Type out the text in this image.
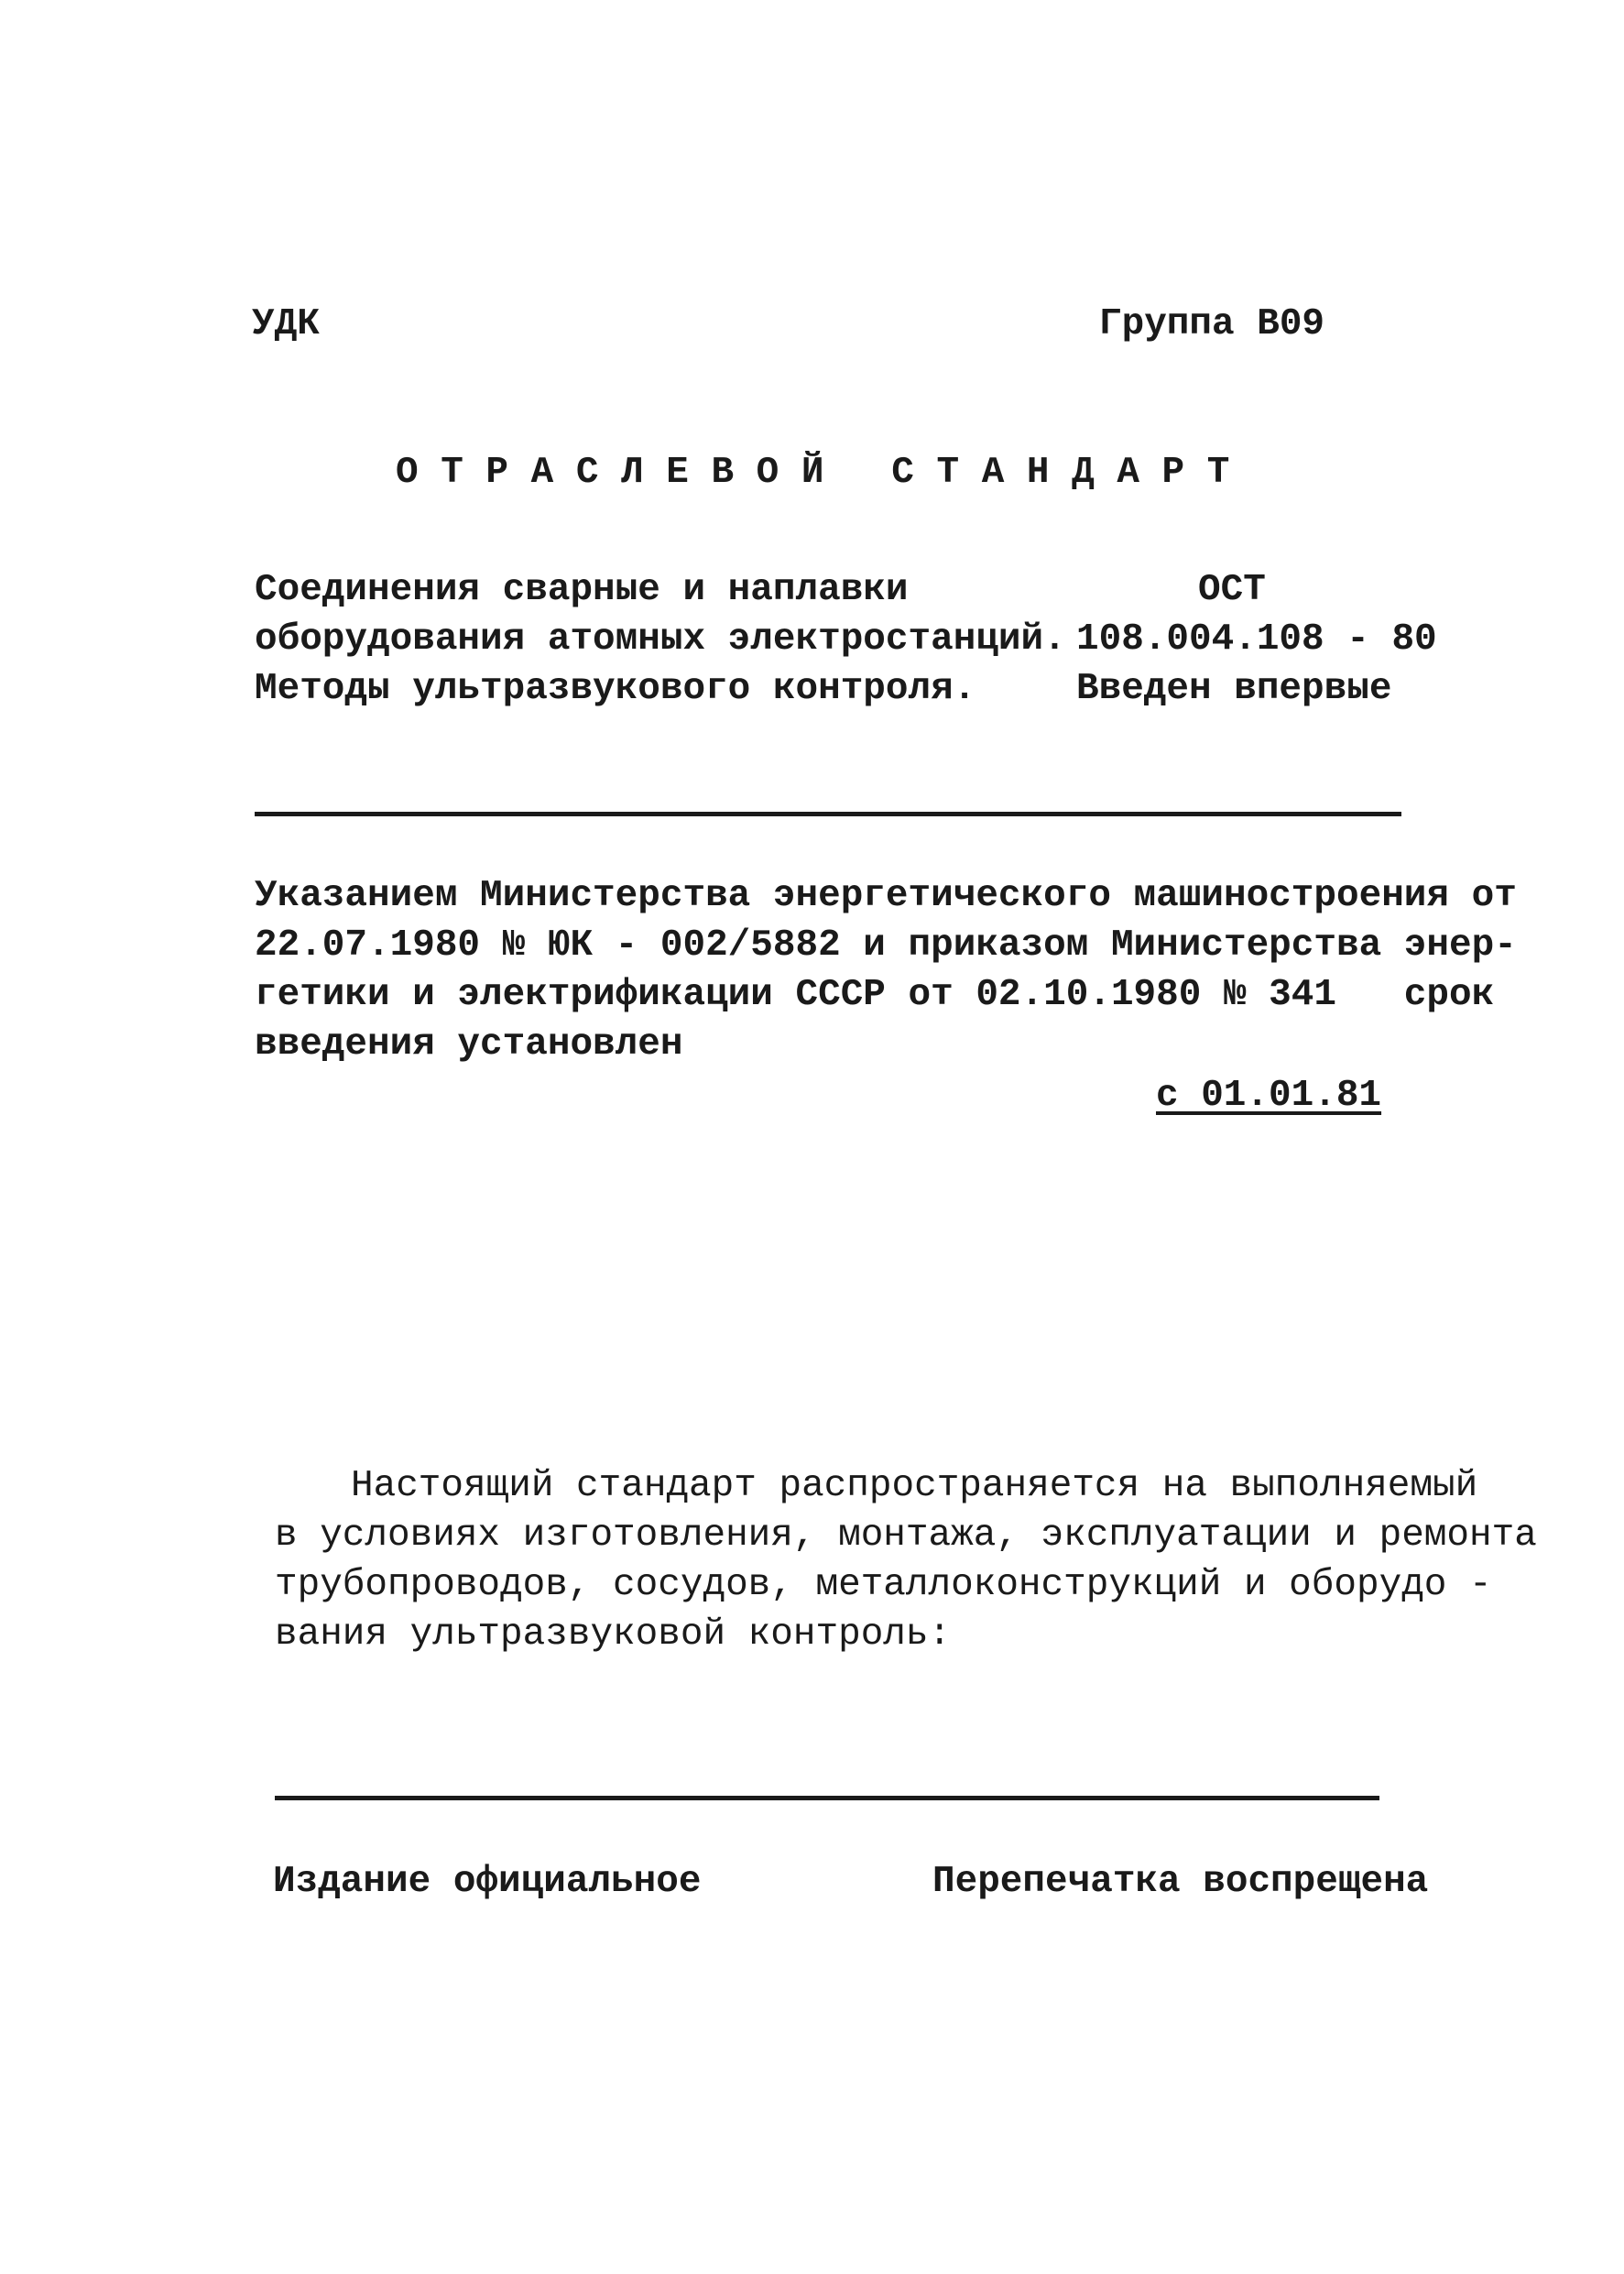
УДК	Группа В09
О Т Р А С Л Е В О Й   С Т А Н Д А Р Т
Соединения сварные и наплавки
оборудования атомных электростанций.
Методы ультразвукового контроля.
ОСТ
108.004.108 - 80
Введен впервые
Указанием Министерства энергетического машиностроения от
22.07.1980 № ЮК - 002/5882 и приказом Министерства энер-
гетики и электрификации СССР от 02.10.1980 № 341   срок
введения установлен
с 01.01.81
Настоящий стандарт распространяется на выполняемый
в условиях изготовления, монтажа, эксплуатации и ремонта
трубопроводов, сосудов, металлоконструкций и оборудо -
вания ультразвуковой контроль:
Издание официальное	Перепечатка воспрещена
